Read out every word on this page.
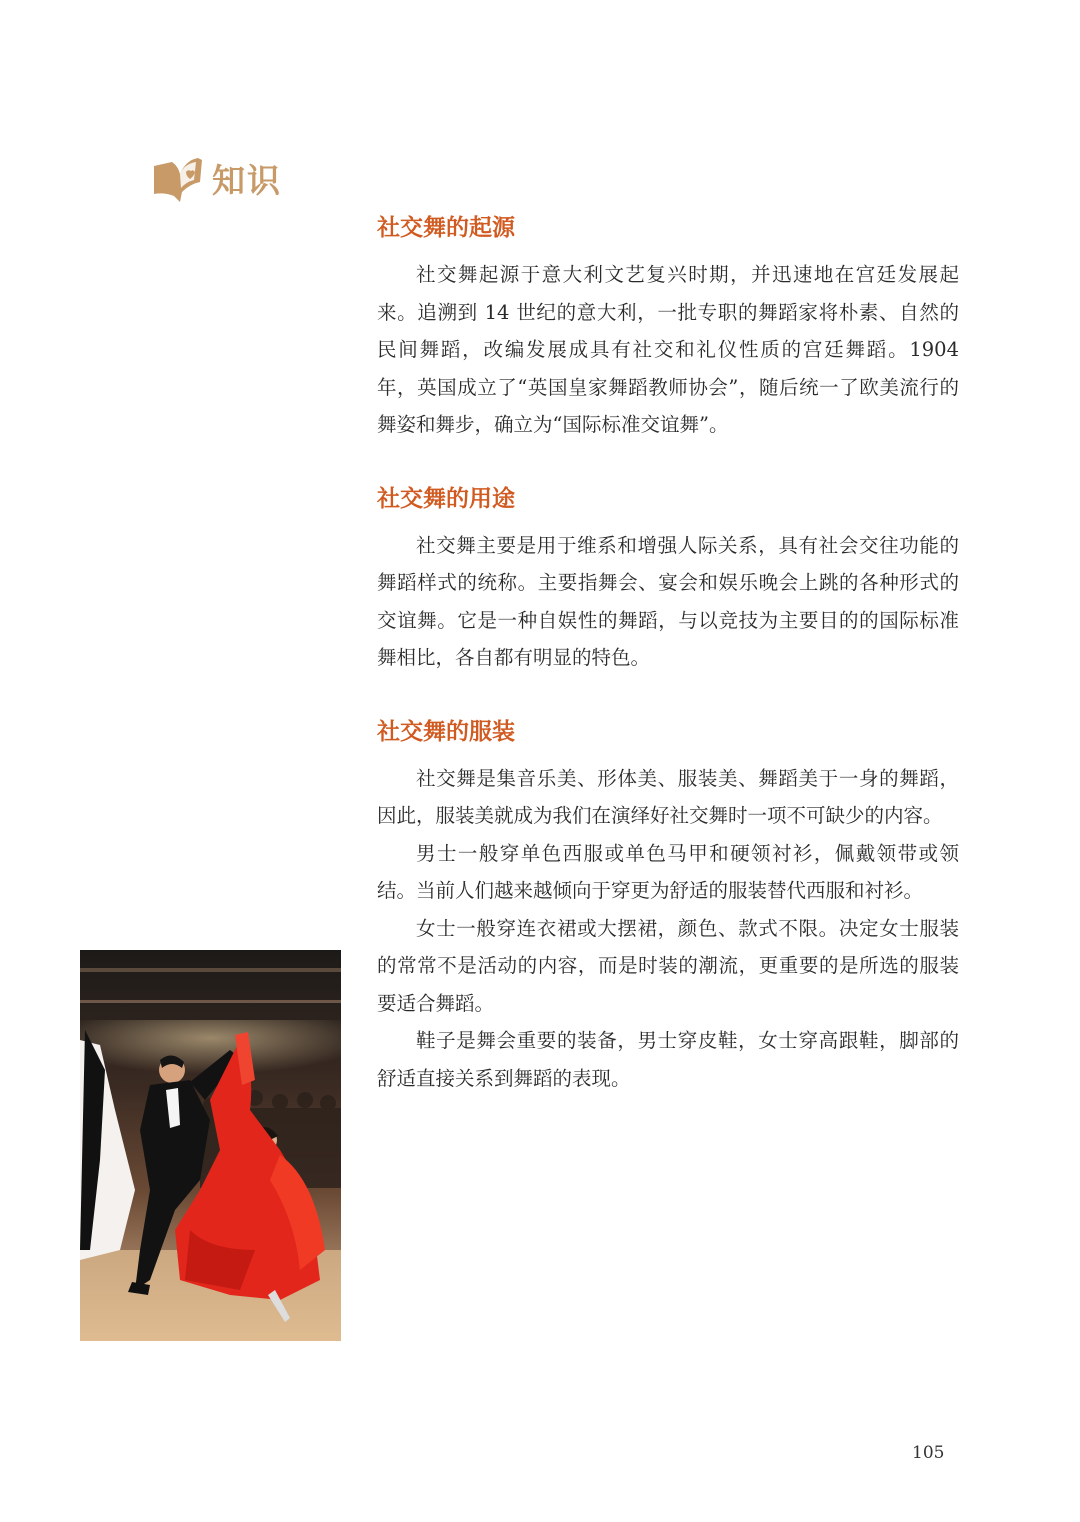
知识
社交舞的起源

社交舞起源于意大利文艺复兴时期，并迅速地在宫廷发展起来。追溯到 14 世纪的意大利，一批专职的舞蹈家将朴素、自然的民间舞蹈，改编发展成具有社交和礼仪性质的宫廷舞蹈。1904 年，英国成立了“英国皇家舞蹈教师协会”，随后统一了欧美流行的舞姿和舞步，确立为“国际标准交谊舞”。

社交舞的用途

社交舞主要是用于维系和增强人际关系，具有社会交往功能的舞蹈样式的统称。主要指舞会、宴会和娱乐晚会上跳的各种形式的交谊舞。它是一种自娱性的舞蹈，与以竞技为主要目的的国际标准舞相比，各自都有明显的特色。

社交舞的服装

社交舞是集音乐美、形体美、服装美、舞蹈美于一身的舞蹈，因此，服装美就成为我们在演绎好社交舞时一项不可缺少的内容。

男士一般穿单色西服或单色马甲和硬领衬衫，佩戴领带或领结。当前人们越来越倾向于穿更为舒适的服装替代西服和衬衫。

女士一般穿连衣裙或大摆裙，颜色、款式不限。决定女士服装的常常不是活动的内容，而是时装的潮流，更重要的是所选的服装要适合舞蹈。

鞋子是舞会重要的装备，男士穿皮鞋，女士穿高跟鞋，脚部的舒适直接关系到舞蹈的表现。

105
